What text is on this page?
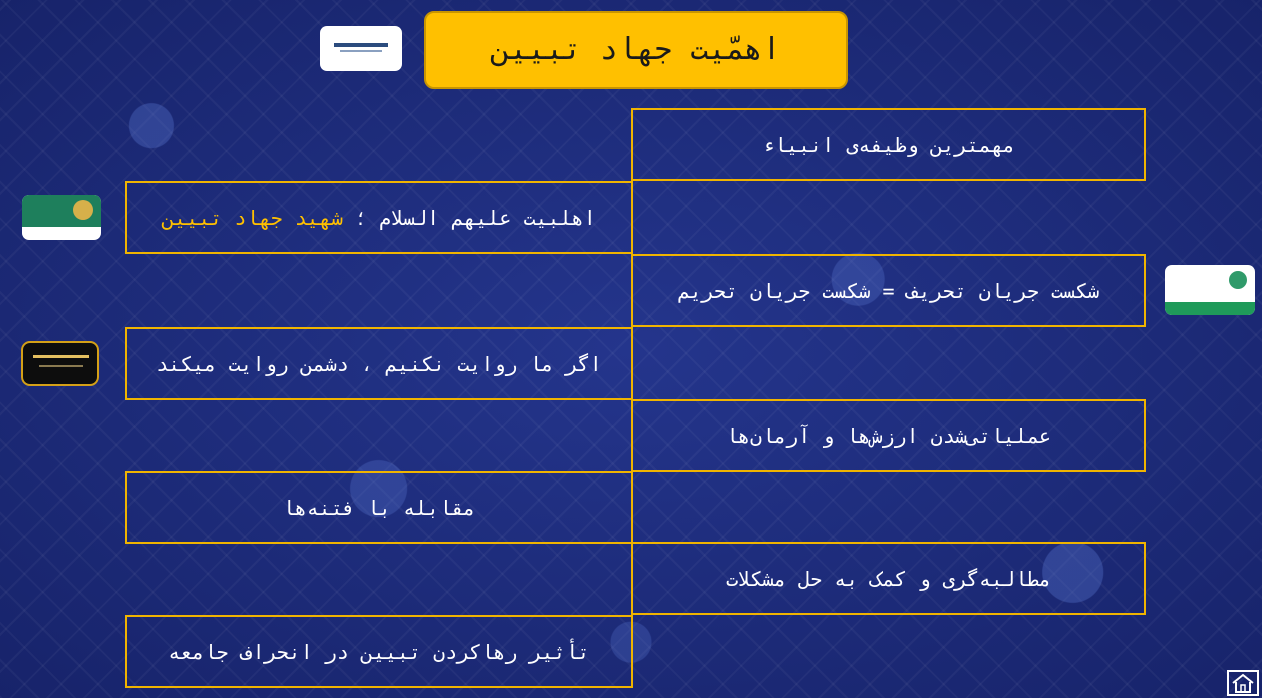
اهمّیت جهاد تبیین
مهمترین وظیفه‌ی انبیاء
شکست جریان تحریف = شکست جریان تحریم
عملیاتی‌شدن ارزش‌ها و آرمان‌ها
مطالبه‌گری و کمک به حل مشکلات
اهلبیت علیهم السلام ؛ شهید جهاد تبیین
اگر ما روایت نکنیم ، دشمن روایت میکند
مقابله با فتنه‌ها
تأثیر رهاکردن تبیین در انحراف جامعه
